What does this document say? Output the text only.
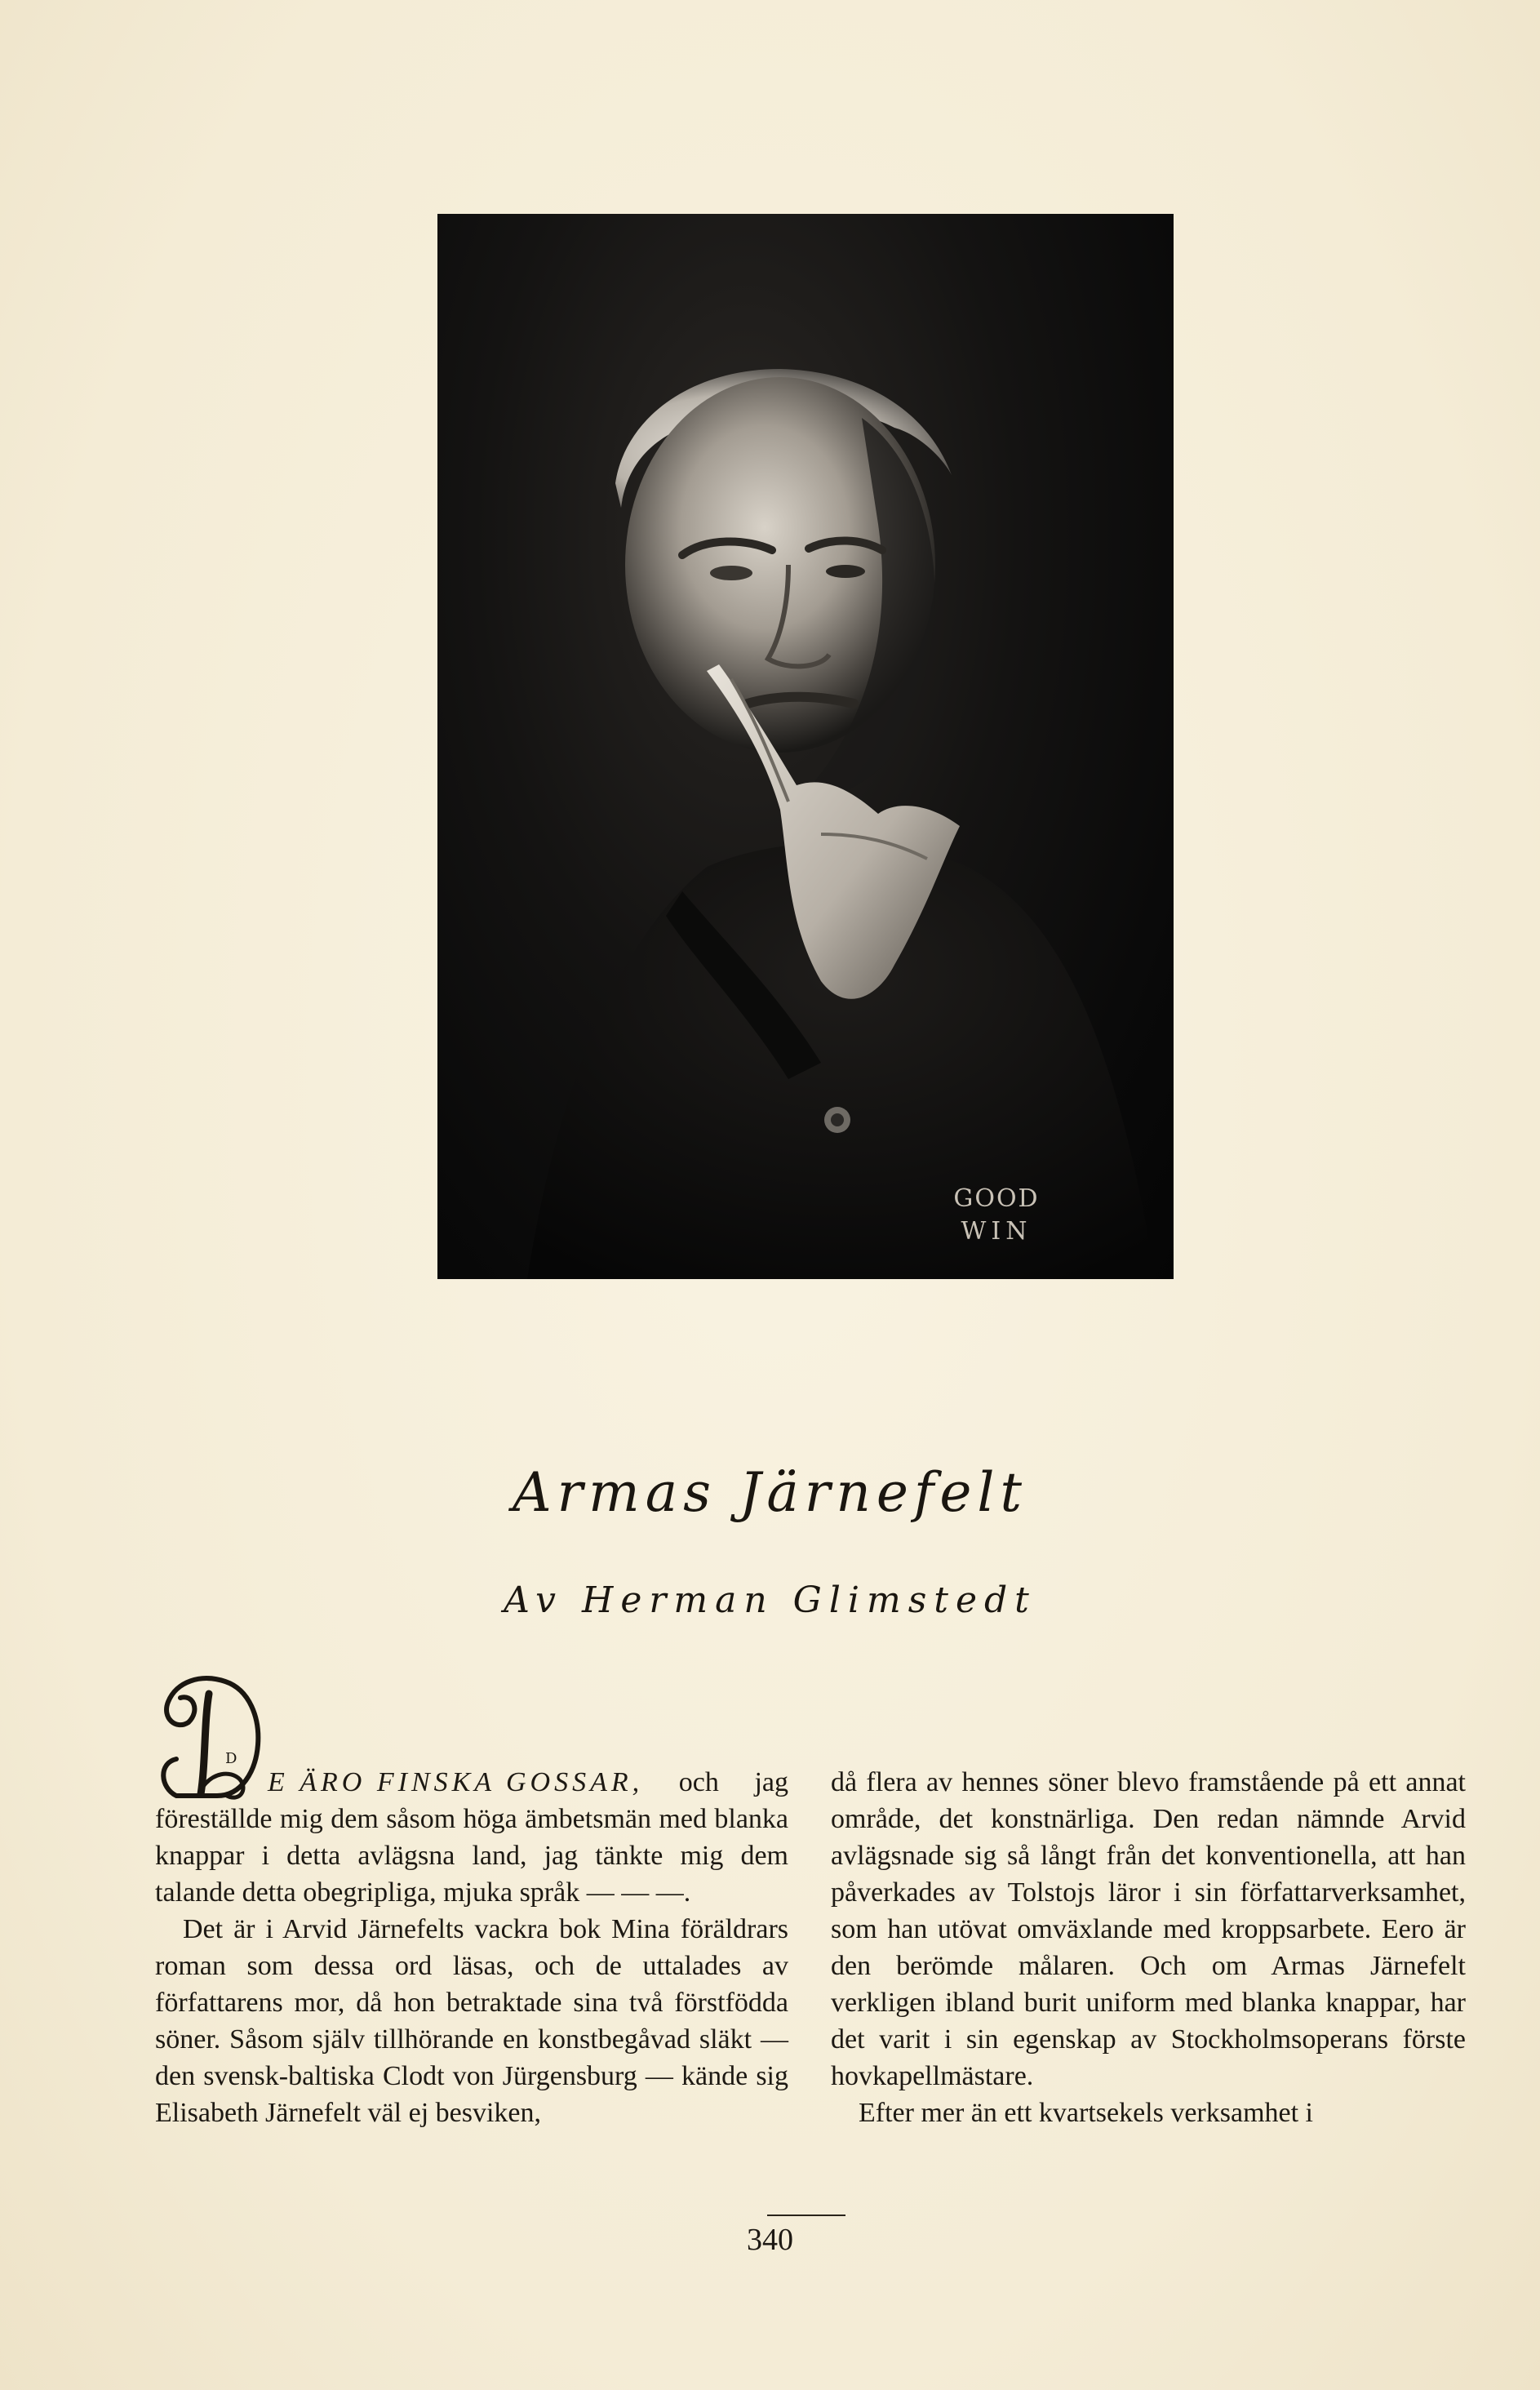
GOOD
WIN
Armas Järnefelt
Av Herman Glimstedt
D

E ÄRO FINSKA GOSSAR, och jag föreställde mig dem såsom höga ämbetsmän med blanka knappar i detta avlägsna land, jag tänkte mig dem talande detta obegripliga, mjuka språk — — —.

Det är i Arvid Järnefelts vackra bok Mina föräldrars roman som dessa ord läsas, och de uttalades av författarens mor, då hon betraktade sina två förstfödda söner. Såsom själv tillhörande en konstbegåvad släkt — den svensk-baltiska Clodt von Jürgensburg — kände sig Elisabeth Järnefelt väl ej besviken,

då flera av hennes söner blevo framstående på ett annat område, det konstnärliga. Den redan nämnde Arvid avlägsnade sig så långt från det konventionella, att han påverkades av Tolstojs läror i sin författarverksamhet, som han utövat omväxlande med kroppsarbete. Eero är den berömde målaren. Och om Armas Järnefelt verkligen ibland burit uniform med blanka knappar, har det varit i sin egenskap av Stockholmsoperans förste hovkapellmästare.

Efter mer än ett kvartsekels verksamhet i

340
